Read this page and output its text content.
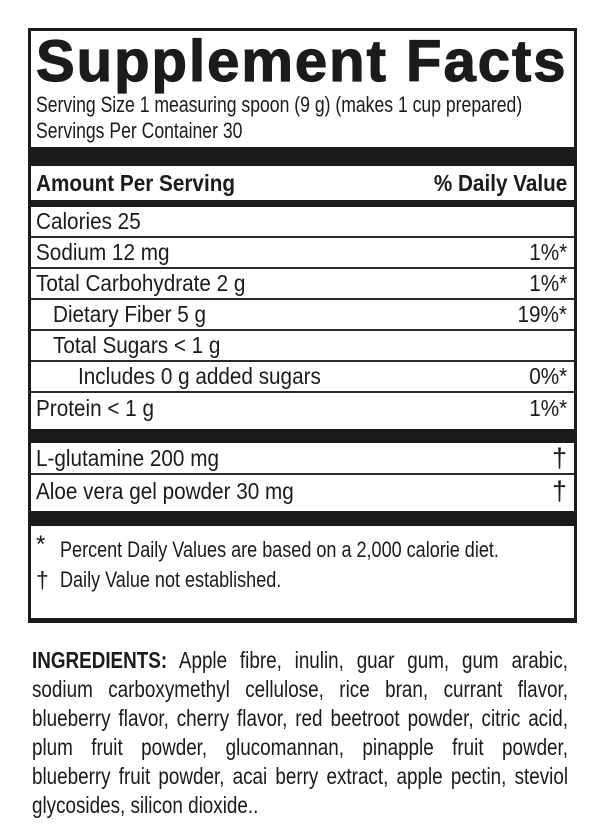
Supplement Facts
Serving Size 1 measuring spoon (9 g) (makes 1 cup prepared)
Servings Per Container 30
Amount Per Serving	% Daily Value
Calories 25
Sodium 12 mg	1%*
Total Carbohydrate 2 g	1%*
Dietary Fiber 5 g	19%*
Total Sugars < 1 g
Includes 0 g added sugars	0%*
Protein < 1 g	1%*
L-glutamine 200 mg	†
Aloe vera gel powder 30 mg	†
* Percent Daily Values are based on a 2,000 calorie diet.
† Daily Value not established.

INGREDIENTS: Apple fibre, inulin, guar gum, gum arabic, sodium carboxymethyl cellulose, rice bran, currant flavor, blueberry flavor, cherry flavor, red beetroot powder, citric acid, plum fruit powder, glucomannan, pinapple fruit powder, blueberry fruit powder, acai berry extract, apple pectin, steviol glycosides, silicon dioxide..
